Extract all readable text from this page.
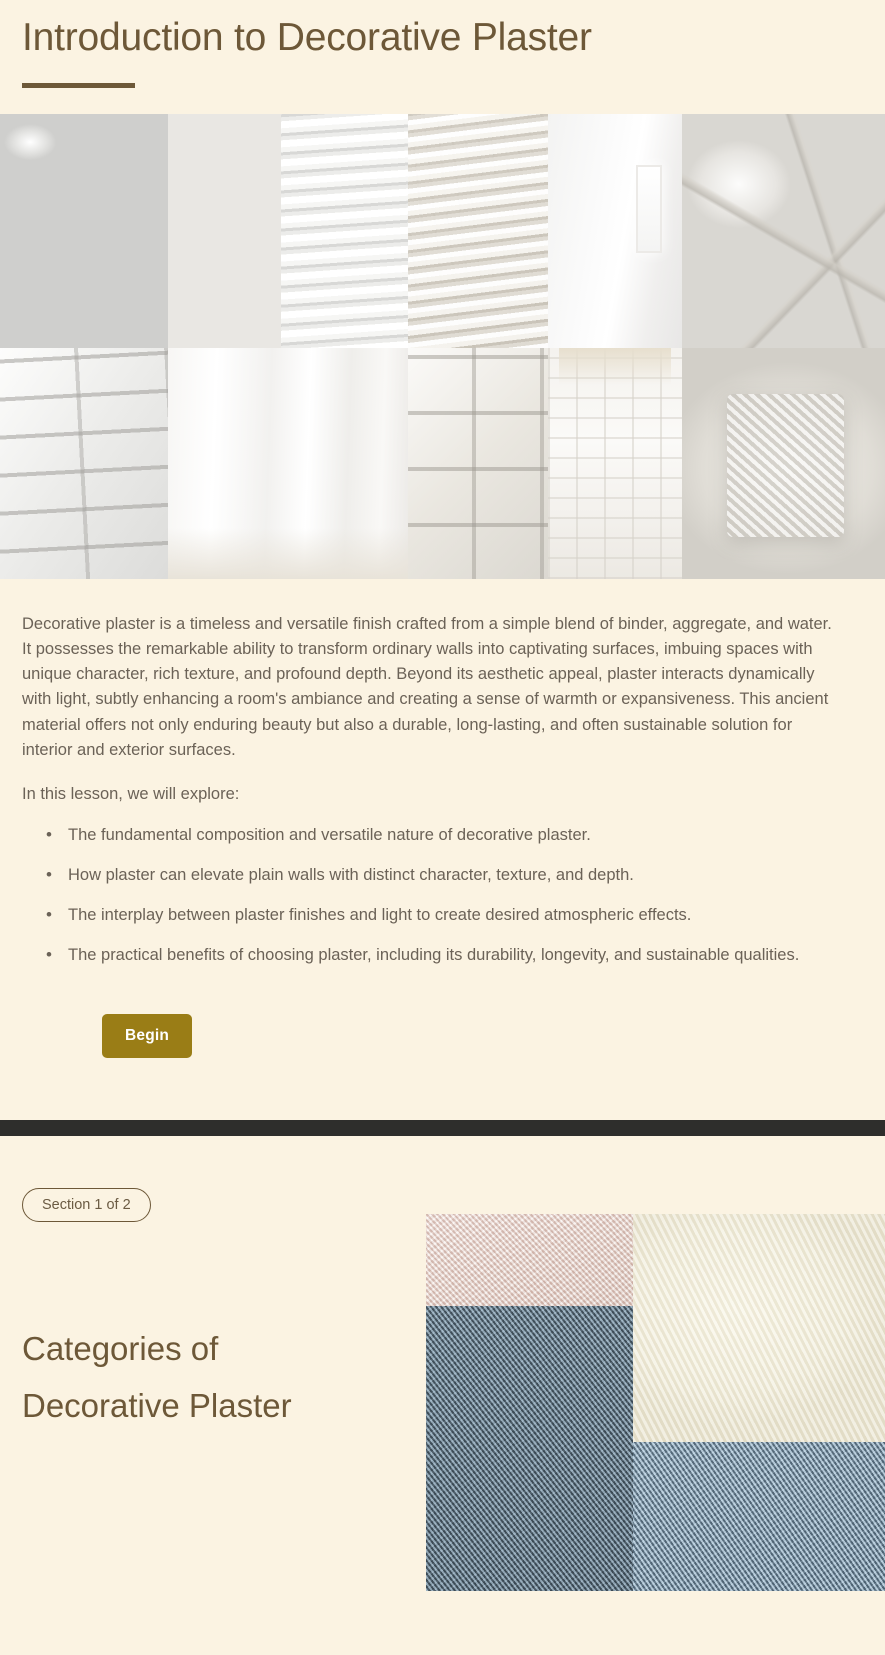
Introduction to Decorative Plaster

Decorative plaster is a timeless and versatile finish crafted from a simple blend of binder, aggregate, and water. It possesses the remarkable ability to transform ordinary walls into captivating surfaces, imbuing spaces with unique character, rich texture, and profound depth. Beyond its aesthetic appeal, plaster interacts dynamically with light, subtly enhancing a room's ambiance and creating a sense of warmth or expansiveness. This ancient material offers not only enduring beauty but also a durable, long-lasting, and often sustainable solution for interior and exterior surfaces.

In this lesson, we will explore:

• The fundamental composition and versatile nature of decorative plaster.
• How plaster can elevate plain walls with distinct character, texture, and depth.
• The interplay between plaster finishes and light to create desired atmospheric effects.
• The practical benefits of choosing plaster, including its durability, longevity, and sustainable qualities.
Begin
Section 1 of 2
Categories of
Decorative Plaster
